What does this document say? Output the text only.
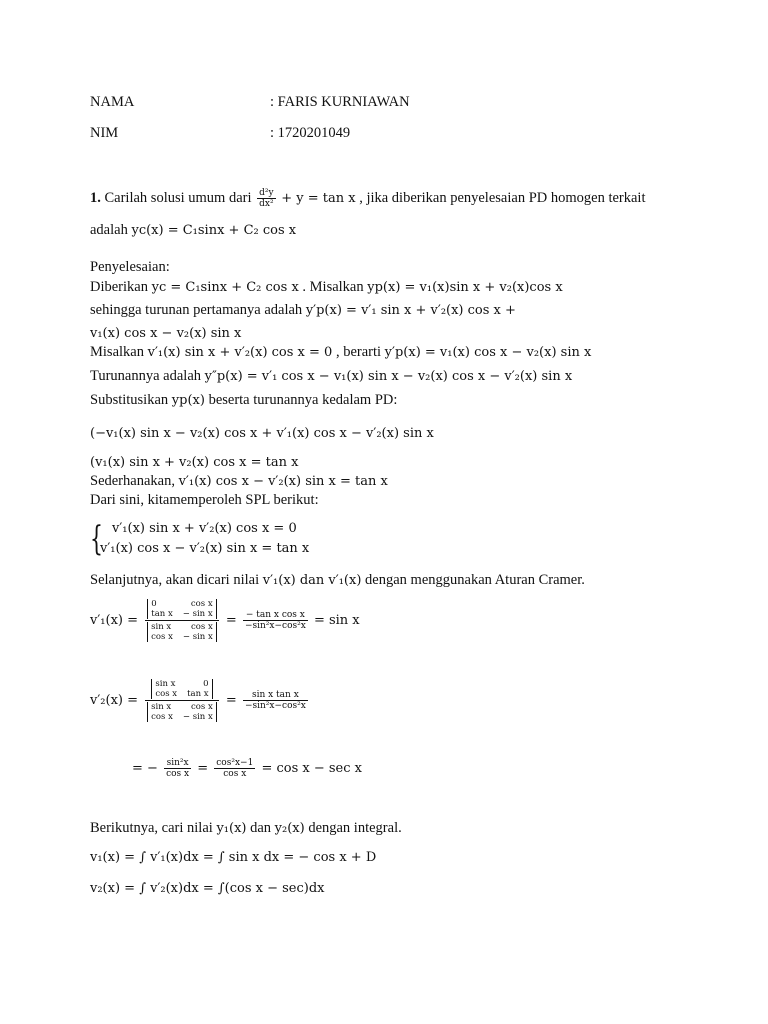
NAMA	: FARIS KURNIAWAN
NIM	: 1720201049
1. Carilah solusi umum dari $\frac{\text{d²y}}{\text{dx²}} + y = \tan x$ , jika diberikan penyelesaian PD homogen terkait
adalah yc(x) = C₁sinx + C₂ cos x
Penyelesaian:
Diberikan yc = C₁sinx + C₂ cos x . Misalkan yp(x) = v₁(x)sin x + v₂(x)cos x
sehingga turunan pertamanya adalah y′p(x) = v′₁ sin x + v′₂(x) cos x +
v₁(x) cos x − v₂(x) sin x
Misalkan v′₁(x) sin x + v′₂(x) cos x = 0 , berarti y′p(x) = v₁(x) cos x − v₂(x) sin x
Turunannya adalah y″p(x) = v′₁ cos x − v₁(x) sin x − v₂(x) cos x − v′₂(x) sin x
Substitusikan yp(x) beserta turunannya kedalam PD:
(−v₁(x) sin x − v₂(x) cos x + v′₁(x) cos x − v′₂(x) sin x
(v₁(x) sin x + v₂(x) cos x = tan x
Sederhanakan, v′₁(x) cos x − v′₂(x) sin x = tan x
Dari sini, kitamemperoleh SPL berikut:
{ v′₁(x) sin x + v′₂(x) cos x = 0
v′₁(x) cos x − v′₂(x) sin x = tan x
Selanjutnya, akan dicari nilai v′₁(x) dan v′₁(x) dengan menggunakan Aturan Cramer.
v′₁(x) = 0	cos x
tan x − sin x
sin x cos x
$\cos x - \sin x = \frac{\text{− tan x cos x}}{\text{−sin²x−cos²x}} = \sin x$
v′₂(x) = sin x	0
cos x tan x
sin x cos x
$\cos x - \sin x = \frac{\text{sin x tan x}}{\text{−sin²x−cos²x}}$
= − $\frac{\text{sin²x}}{\text{cos x}} = \frac{\text{cos²x−1}}{\text{cos x}} = \cos x - \sec x$
Berikutnya, cari nilai y₁(x) dan y₂(x) dengan integral.
v₁(x) = ∫ v′₁(x)dx = ∫ sin x dx = − cos x + D
v₂(x) = ∫ v′₂(x)dx = ∫(cos x − sec)dx
